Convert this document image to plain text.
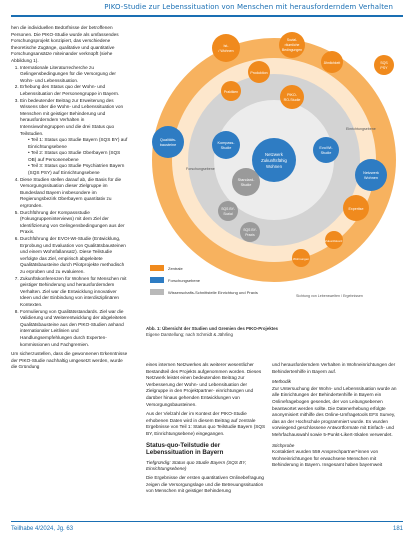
PIKO-Studie zur Lebenssituation von Menschen mit herausforderndem Verhalten

hen die individuellen Bedürfnisse der betroffenen Personen. Die PIKO-Studie wurde als umfassendes Forschungsprojekt konzipiert, das verschiedene theoretische Zugänge, qualitative und quantitative Forschungsansätze miteinander verknüpft (siehe Abbildung 1).

1. Internationale Literaturrecherche zu Gelingensbedingungen für die Versorgung der Wohn- und Lebenssituation.
2. Erhebung des Status quo der Wohn- und Lebenssituation der Personengruppe in Bayern.
3. Ein bedeutender Beitrag zur Erweiterung des Wissens über die Wohn- und Lebenssituation von Menschen mit geistiger Behinderung und herausforderndem Verhalten in Intensivwohngruppen und die drei Status quo Teilstudien.
• Teil 1: Status quo Studie Bayern (SQS BY) auf Einrichtungsebene
• Teil 2: Status quo Studie Oberbayern (SQS OB) auf Personenebene
• Teil 3: Status quo Studie Psychiatrien Bayern (SQS PSY) auf Einrichtungsebene
4. Diese Studien stellen darauf ab, die Basis für die Versorgungssituation dieser Zielgruppe im Bundesland Bayern insbesondere im Regierungsbezirk Oberbayern quantitativ zu ergründen.
5. Durchführung der Kompassstudie (Fokusgruppeninterviews) mit dem Ziel der Identifizierung von Gelingensbedingungen aus der Praxis.
6. Durchführung der EVOI-WI-Studie (Entwicklung, Erprobung und Evaluation von Qualitätsbausteinen und einem Wohnfallansatz). Diese Teilstudie verfolgte das Ziel, empirisch abgeleitete Qualitätsbausteine durch Pilotprojekte methodisch zu erproben und zu evaluieren.
7. Zukunftskonferenzen für Wohnen für Menschen mit geistiger Behinderung und herausforderndem Verhalten. Ziel war die Entwicklung innovativer Ideen und der Einbindung von interdisziplinären Kontexten.
8. Formulierung von Qualitätsstandards. Ziel war die Validierung und Weiterentwicklung der abgeleiteten Qualitätsbausteine aus den PIKO-Studien anhand internationaler Leitlinien und Handlungsempfehlungen durch Experten-kommissionen und Fachgremien.

Um sicherzustellen, dass die gewonnenen Erkenntnisse der PIKO-Studie nachhaltig umgesetzt werden, wurde die Gründung

Netzwerk
Zukunftsfähig
Wohnen
Ist-
/ Wohnen
Sozial-
räumliche
Bedingungen
Produktion
Ähnlichkeit
Praktiken
PIKO-
RO-Studie
SQS
PSY
Qualitäts-
bausteine	Kompass-
Studie	Evo/Wi-
Studie
Netzwerk
Wohnen
Standard-
Studie
SQS BY-
Sozial
SQS BY-
Praxis
Expertise
Zukunftskonf.
Wohnungen
Forschungsebene
Einrichtungsebene
Zentrale
Forschungsebene
Wissenschafts-Schnittstelle Einrichtung und Praxis
Sichtung von Lebenswelten / Ergebnissen
Abb. 1: Übersicht der Studien und Gremien des PIKO-Projektes
Eigene Darstellung; nach Schmidt & Jährling

eines internen Netzwerkes als weiterer wesentlicher Bestandteil des Projekts aufgenommen worden. Dieses Netzwerk leistet einen bedeutenden Beitrag zur Verbesserung der Wohn- und Lebensituation der Zielgruppe in den Projektpartner- einrichtungen und darüber hinaus gehenden Entwicklungen von Versorgungsbausteinen.

Aus der Vielzahl der im Kontext der PIKO-Studie erhobenen Daten wird in diesem Beitrag auf zentrale Ergebnisse von Teil 1: Status quo Teilstudie Bayern (SQS BY, Einrichtungsebene) eingegangen.

Status-quo-Teilstudie der Lebenssituation in Bayern

Tiefgründig: Status quo Studie Bayern (SQS BY, Einrichtungsebene)

Die Ergebnisse der ersten quantitativen Onlinebefragung zeigen die Versorgungslage und die Betreuungssituation von Menschen mit geistiger Behinderung

und herausforderndem Verhalten in Wohneinrichtungen der Behindertenhilfe in Bayern auf.

Methodik

Zur Untersuchung der Wohn- und Lebenssituation wurde an alle Einrichtungen der Behindertenhilfe in Bayern ein Onlinefragebogen gesendet, der von Leitungsebenen beantwortet werden sollte. Die Datenerhebung erfolgte anonymisiert mithilfe des Online-Umfragetools EFS Survey, das an der Hochschule programmiert wurde. Es wurden vorwiegend geschlossene Antwortformate mit Einfach- und Mehrfachauswahl sowie 5-Punkt-Likert-Skalen verwendet.

Stichprobe

Kontaktiert wurden 559 Ansprechpartner*innen von Wohneinrichtungen für erwachsene Menschen mit Behinderung in Bayern. Insgesamt haben bayernweit

Teilhabe 4/2024, Jg. 63	181
